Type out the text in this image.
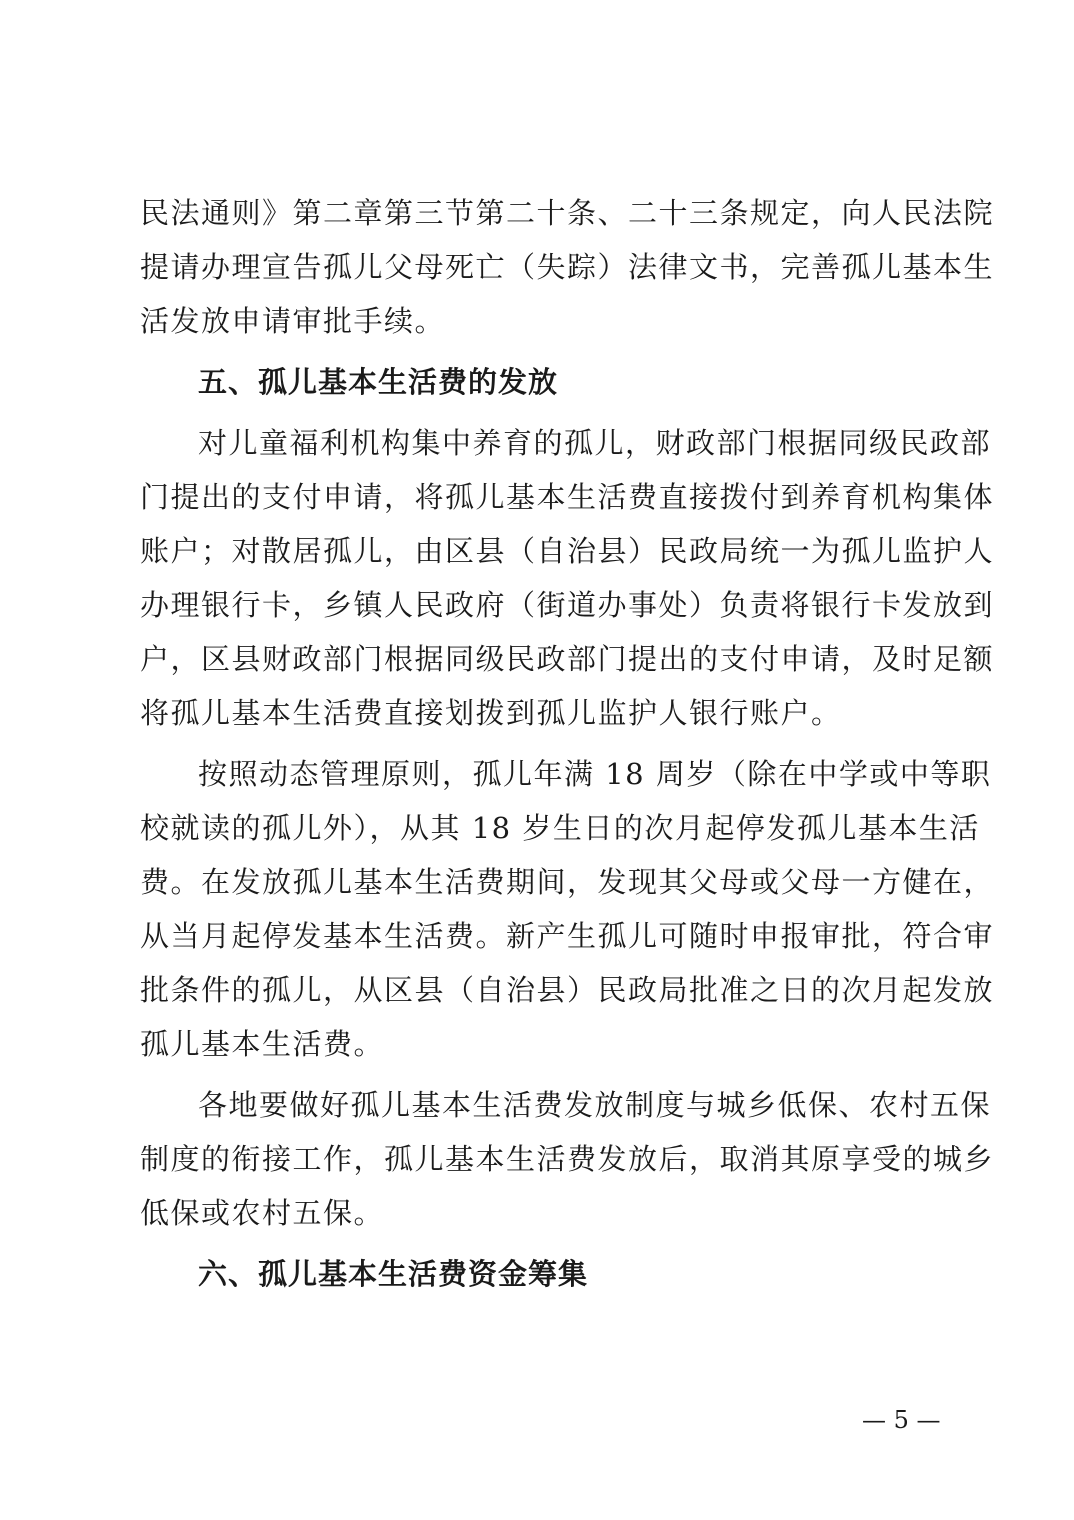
民法通则》第二章第三节第二十条、二十三条规定，向人民法院
提请办理宣告孤儿父母死亡（失踪）法律文书，完善孤儿基本生
活发放申请审批手续。
五、孤儿基本生活费的发放
对儿童福利机构集中养育的孤儿，财政部门根据同级民政部
门提出的支付申请，将孤儿基本生活费直接拨付到养育机构集体
账户；对散居孤儿，由区县（自治县）民政局统一为孤儿监护人
办理银行卡，乡镇人民政府（街道办事处）负责将银行卡发放到
户，区县财政部门根据同级民政部门提出的支付申请，及时足额
将孤儿基本生活费直接划拨到孤儿监护人银行账户。
按照动态管理原则，孤儿年满 18 周岁（除在中学或中等职
校就读的孤儿外），从其 18 岁生日的次月起停发孤儿基本生活
费。在发放孤儿基本生活费期间，发现其父母或父母一方健在，
从当月起停发基本生活费。新产生孤儿可随时申报审批，符合审
批条件的孤儿，从区县（自治县）民政局批准之日的次月起发放
孤儿基本生活费。
各地要做好孤儿基本生活费发放制度与城乡低保、农村五保
制度的衔接工作，孤儿基本生活费发放后，取消其原享受的城乡
低保或农村五保。
六、孤儿基本生活费资金筹集
— 5 —
